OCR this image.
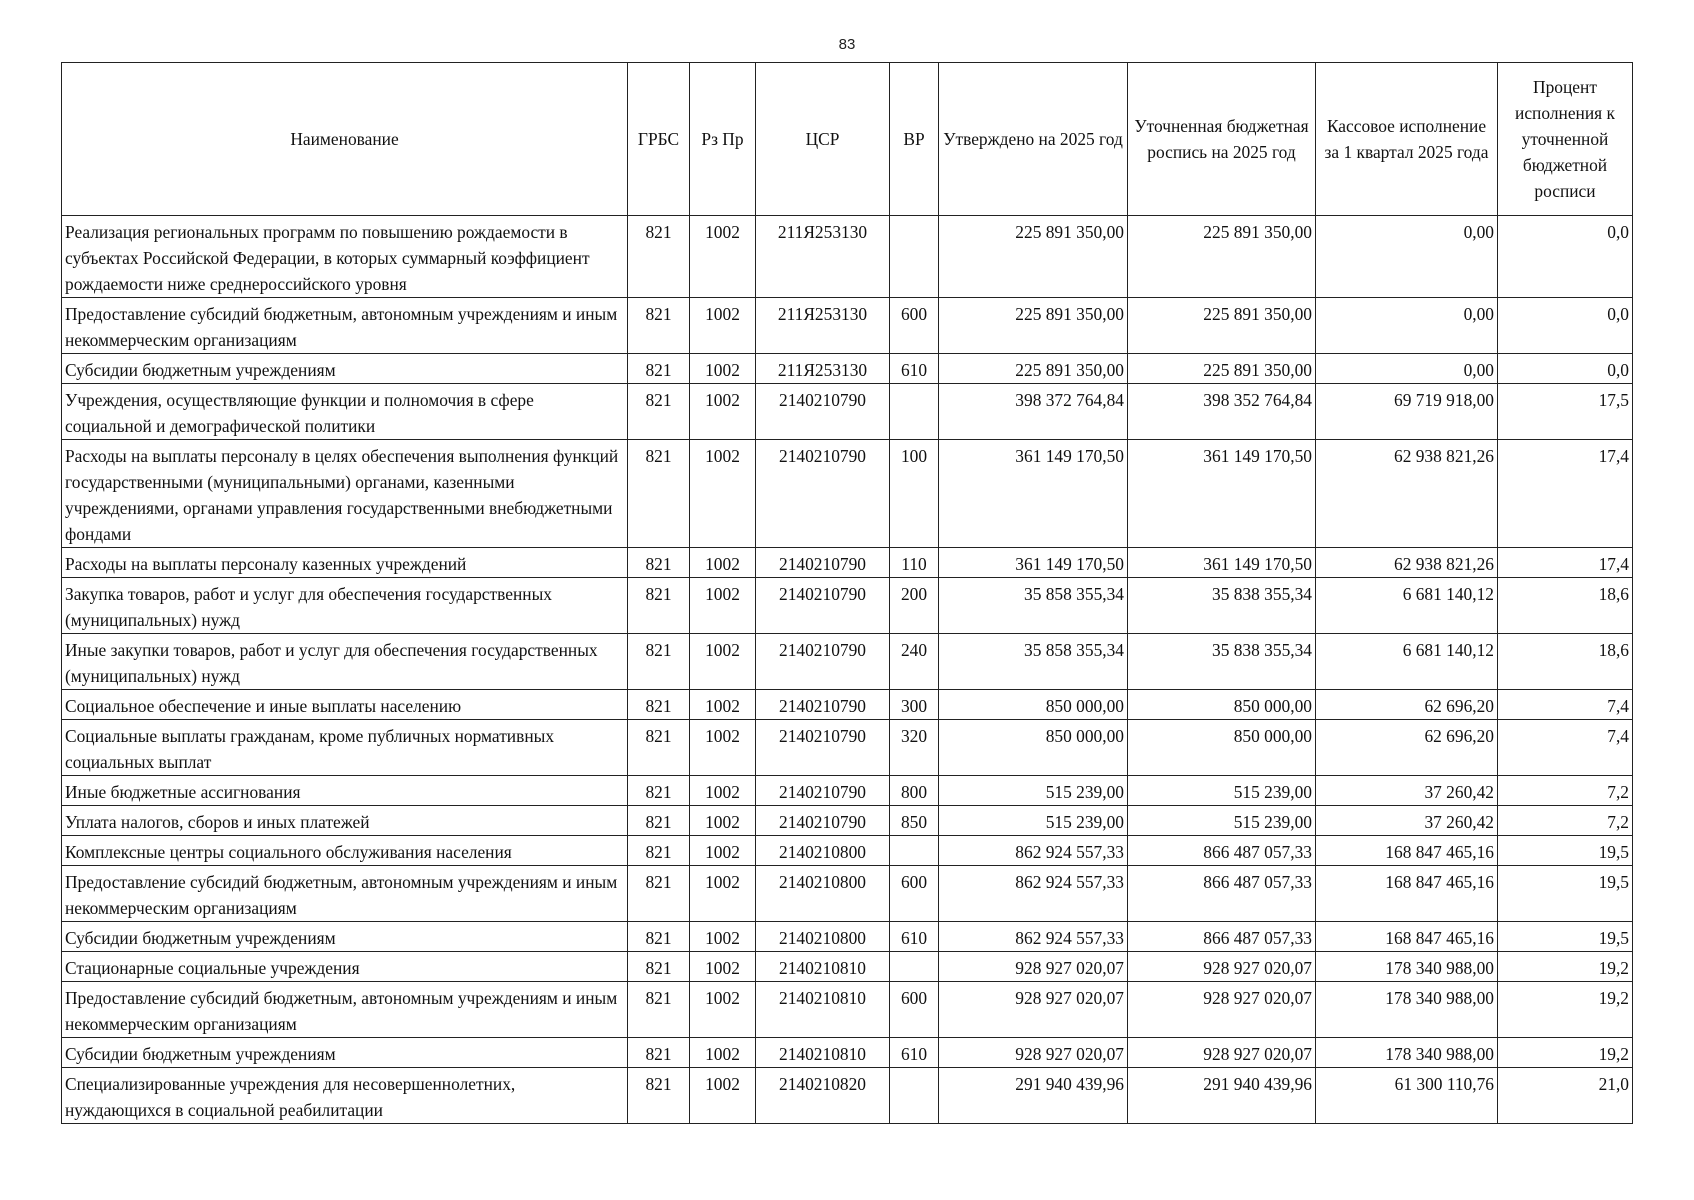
83
Наименование	ГРБС	Рз Пр	ЦСР	ВР	Утверждено на 2025 год	Уточненная бюджетная роспись на 2025 год	Кассовое исполнение за 1 квартал 2025 года	Процент исполнения к уточненной бюджетной росписи
Реализация региональных программ по повышению рождаемости в субъектах Российской Федерации, в которых суммарный коэффициент рождаемости ниже среднероссийского уровня	821	1002	211Я253130		225 891 350,00	225 891 350,00	0,00	0,0
Предоставление субсидий бюджетным, автономным учреждениям и иным некоммерческим организациям	821	1002	211Я253130	600	225 891 350,00	225 891 350,00	0,00	0,0
Субсидии бюджетным учреждениям	821	1002	211Я253130	610	225 891 350,00	225 891 350,00	0,00	0,0
Учреждения, осуществляющие функции и полномочия в сфере социальной и демографической политики	821	1002	2140210790		398 372 764,84	398 352 764,84	69 719 918,00	17,5
Расходы на выплаты персоналу в целях обеспечения выполнения функций государственными (муниципальными) органами, казенными учреждениями, органами управления государственными внебюджетными фондами	821	1002	2140210790	100	361 149 170,50	361 149 170,50	62 938 821,26	17,4
Расходы на выплаты персоналу казенных учреждений	821	1002	2140210790	110	361 149 170,50	361 149 170,50	62 938 821,26	17,4
Закупка товаров, работ и услуг для обеспечения государственных (муниципальных) нужд	821	1002	2140210790	200	35 858 355,34	35 838 355,34	6 681 140,12	18,6
Иные закупки товаров, работ и услуг для обеспечения государственных (муниципальных) нужд	821	1002	2140210790	240	35 858 355,34	35 838 355,34	6 681 140,12	18,6
Социальное обеспечение и иные выплаты населению	821	1002	2140210790	300	850 000,00	850 000,00	62 696,20	7,4
Социальные выплаты гражданам, кроме публичных нормативных социальных выплат	821	1002	2140210790	320	850 000,00	850 000,00	62 696,20	7,4
Иные бюджетные ассигнования	821	1002	2140210790	800	515 239,00	515 239,00	37 260,42	7,2
Уплата налогов, сборов и иных платежей	821	1002	2140210790	850	515 239,00	515 239,00	37 260,42	7,2
Комплексные центры социального обслуживания населения	821	1002	2140210800		862 924 557,33	866 487 057,33	168 847 465,16	19,5
Предоставление субсидий бюджетным, автономным учреждениям и иным некоммерческим организациям	821	1002	2140210800	600	862 924 557,33	866 487 057,33	168 847 465,16	19,5
Субсидии бюджетным учреждениям	821	1002	2140210800	610	862 924 557,33	866 487 057,33	168 847 465,16	19,5
Стационарные социальные учреждения	821	1002	2140210810		928 927 020,07	928 927 020,07	178 340 988,00	19,2
Предоставление субсидий бюджетным, автономным учреждениям и иным некоммерческим организациям	821	1002	2140210810	600	928 927 020,07	928 927 020,07	178 340 988,00	19,2
Субсидии бюджетным учреждениям	821	1002	2140210810	610	928 927 020,07	928 927 020,07	178 340 988,00	19,2
Специализированные учреждения для несовершеннолетних, нуждающихся в социальной реабилитации	821	1002	2140210820		291 940 439,96	291 940 439,96	61 300 110,76	21,0
